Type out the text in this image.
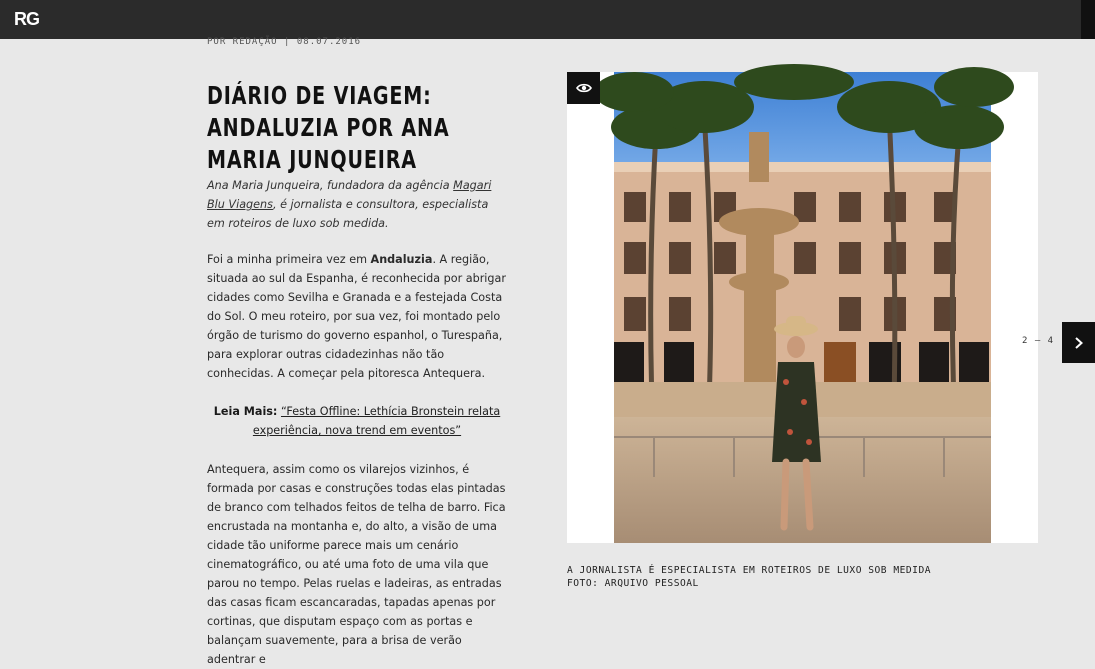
RG
POR REDAÇÃO | 08.07.2016
DIÁRIO DE VIAGEM: ANDALUZIA POR ANA MARIA JUNQUEIRA

Ana Maria Junqueira, fundadora da agência Magari Blu Viagens, é jornalista e consultora, especialista em roteiros de luxo sob medida.

Foi a minha primeira vez em Andaluzia. A região, situada ao sul da Espanha, é reconhecida por abrigar cidades como Sevilha e Granada e a festejada Costa do Sol. O meu roteiro, por sua vez, foi montado pelo órgão de turismo do governo espanhol, o Turespaña, para explorar outras cidadezinhas não tão conhecidas. A começar pela pitoresca Antequera.

Leia Mais: “Festa Offline: Lethícia Bronstein relata experiência, nova trend em eventos”

Antequera, assim como os vilarejos vizinhos, é formada por casas e construções todas elas pintadas de branco com telhados feitos de telha de barro. Fica encrustada na montanha e, do alto, a visão de uma cidade tão uniforme parece mais um cenário cinematográfico, ou até uma foto de uma vila que parou no tempo. Pelas ruelas e ladeiras, as entradas das casas ficam escancaradas, tapadas apenas por cortinas, que disputam espaço com as portas e balançam suavemente, para a brisa de verão adentrar e

A JORNALISTA É ESPECIALISTA EM ROTEIROS DE LUXO SOB MEDIDA
FOTO: ARQUIVO PESSOAL
2 – 4
